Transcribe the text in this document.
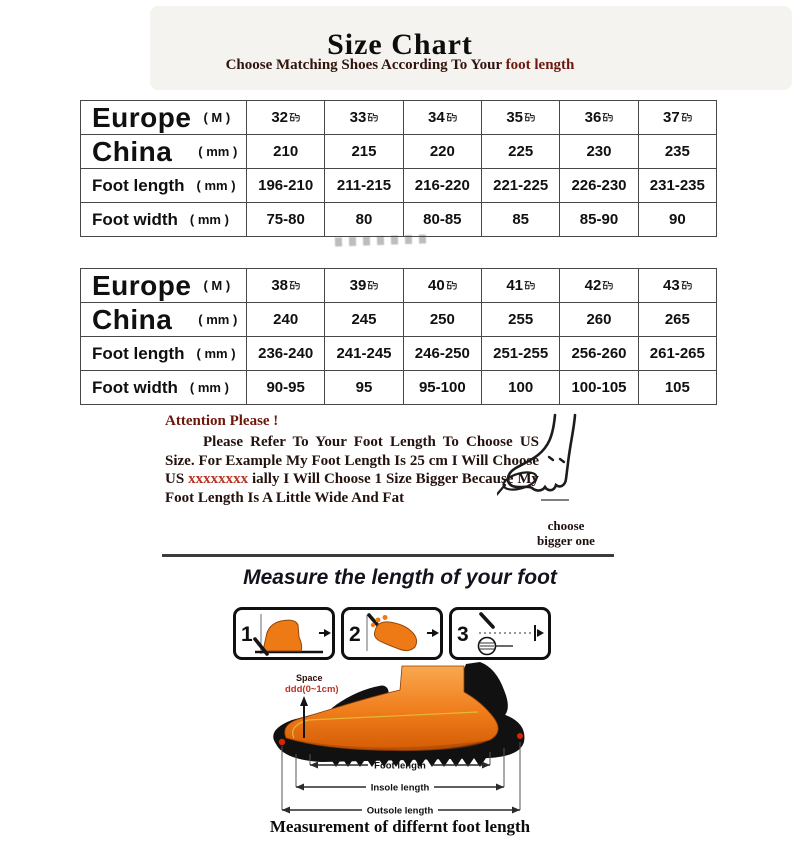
Size Chart
Choose Matching Shoes According To Your foot length
Europe ( M )	32	33	34	35	36	37
China ( mm )	210	215	220	225	230	235
Foot length ( mm )	196-210	211-215	216-220	221-225	226-230	231-235
Foot width ( mm )	75-80	80	80-85	85	85-90	90
Europe ( M )	38	39	40	41	42	43
China ( mm )	240	245	250	255	260	265
Foot length ( mm )	236-240	241-245	246-250	251-255	256-260	261-265
Foot width ( mm )	90-95	95	95-100	100	100-105	105
Attention Please !

Please Refer To Your Foot Length To Choose US Size. For Example My Foot Length Is 25 cm I Will Choose US xxxxxxxx ially I Will Choose 1 Size Bigger Because My Foot Length Is A Little Wide And Fat

choose
bigger one
Measure the length of your foot
1	2	3
Space
ddd(0~1cm)
Foot length
Insole length
Outsole length
Measurement of differnt foot length
